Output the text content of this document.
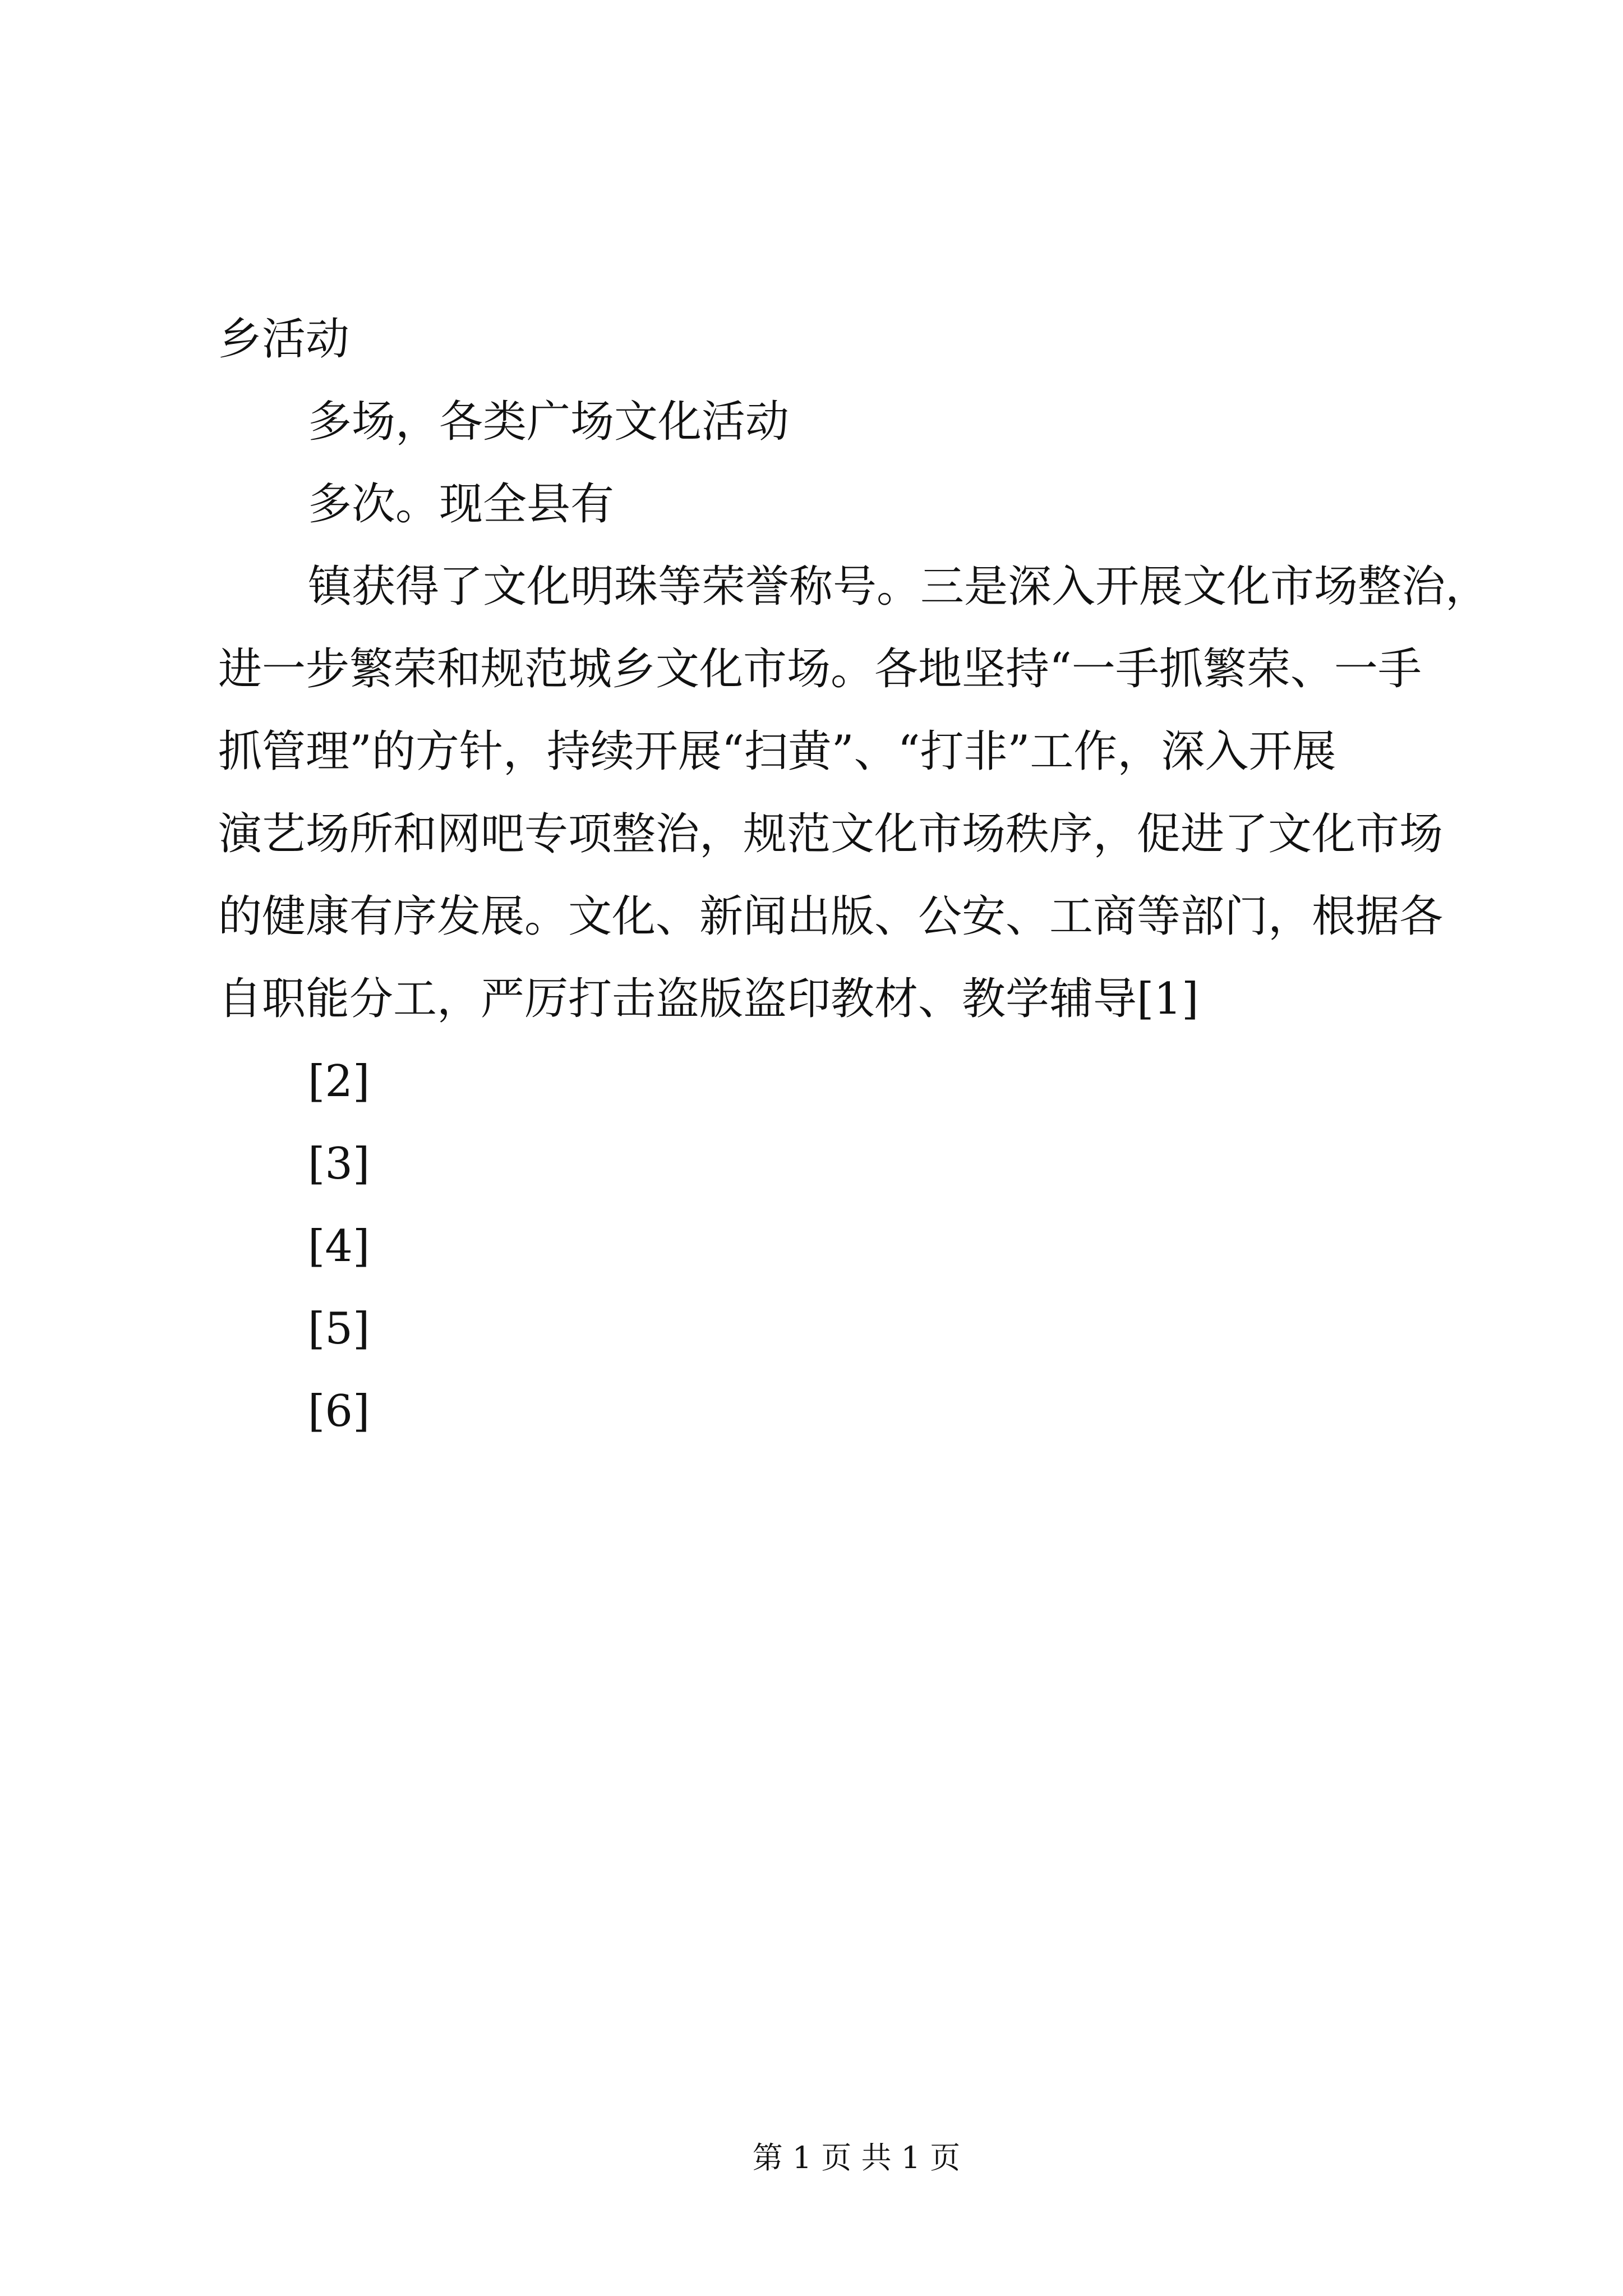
乡活动
多场，各类广场文化活动
多次。现全县有
镇获得了文化明珠等荣誉称号。三是深入开展文化市场整治，
进一步繁荣和规范城乡文化市场。各地坚持“一手抓繁荣、一手
抓管理”的方针，持续开展“扫黄”、“打非”工作，深入开展
演艺场所和网吧专项整治，规范文化市场秩序，促进了文化市场
的健康有序发展。文化、新闻出版、公安、工商等部门，根据各
自职能分工，严厉打击盗版盗印教材、教学辅导[1]
[2]
[3]
[4]
[5]
[6]
第 1 页 共 1 页
